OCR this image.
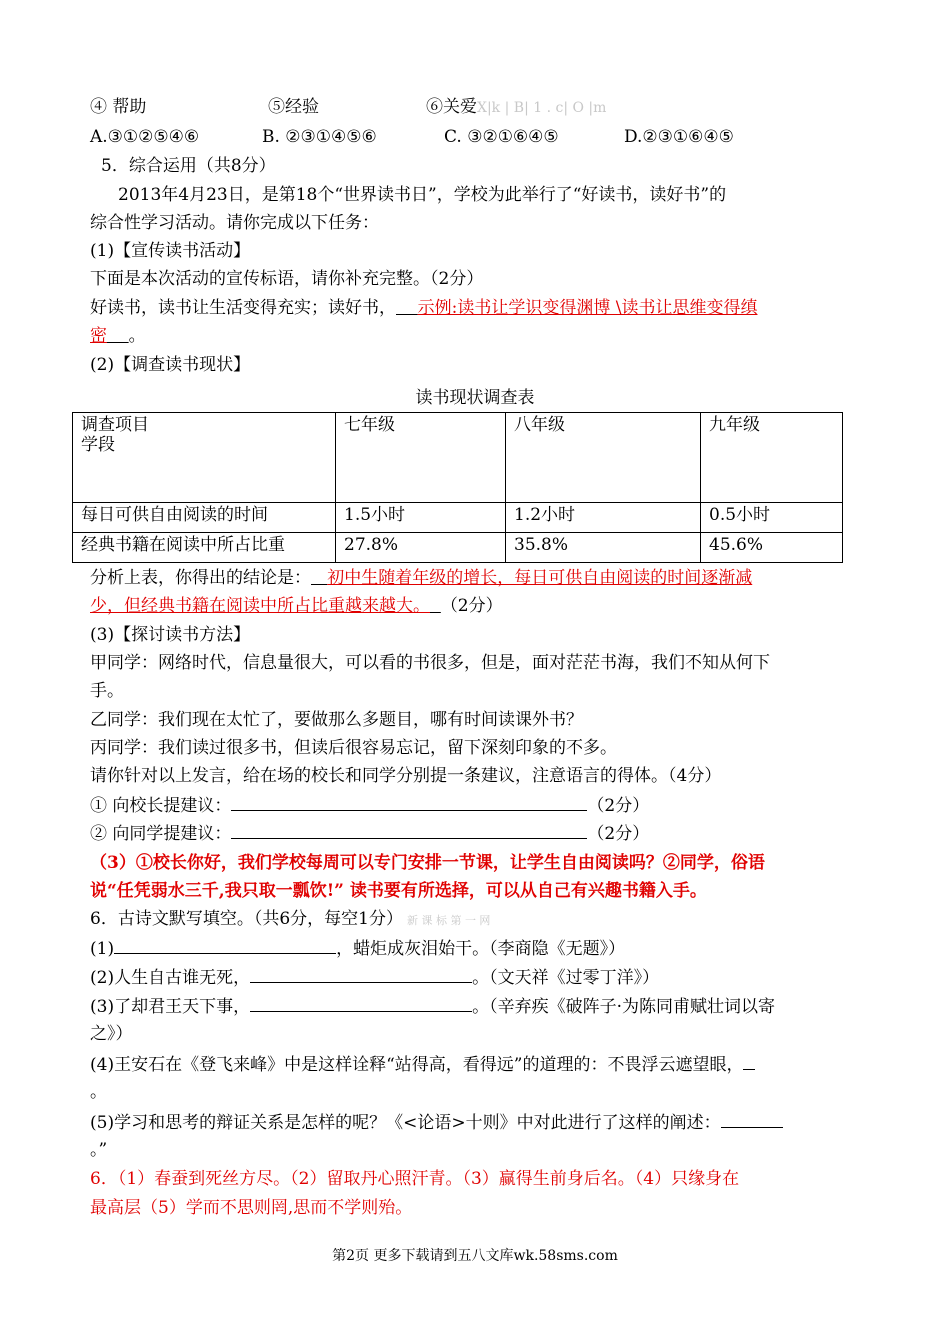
④ 帮助	⑤经验	⑥关爱X|k | B| 1 . c| O |m
A.③①②⑤④⑥	B. ②③①④⑤⑥	C. ③②①⑥④⑤	D.②③①⑥④⑤
5．综合运用（共8分）
2013年4月23日，是第18个“世界读书日”，学校为此举行了“好读书，读好书”的
综合性学习活动。请你完成以下任务：
(1)【宣传读书活动】
下面是本次活动的宣传标语，请你补充完整。（2分）
好读书，读书让生活变得充实；读好书， 示例:读书让学识变得渊博 \读书让思维变得缜
密 。
(2)【调查读书现状】
读书现状调查表
调查项目
学段	七年级	八年级	九年级
每日可供自由阅读的时间	1.5小时	1.2小时	0.5小时
经典书籍在阅读中所占比重	27.8%	35.8%	45.6%
分析上表，你得出的结论是： 初中生随着年级的增长，每日可供自由阅读的时间逐渐减
少，但经典书籍在阅读中所占比重越来越大。 （2分）
(3)【探讨读书方法】
甲同学：网络时代，信息量很大，可以看的书很多，但是，面对茫茫书海，我们不知从何下
手。
乙同学：我们现在太忙了，要做那么多题目，哪有时间读课外书？
丙同学：我们读过很多书，但读后很容易忘记，留下深刻印象的不多。
请你针对以上发言，给在场的校长和同学分别提一条建议，注意语言的得体。（4分）
① 向校长提建议：	（2分）
② 向同学提建议：	（2分）
（3）①校长你好，我们学校每周可以专门安排一节课，让学生自由阅读吗？②同学，俗语
说“任凭弱水三千,我只取一瓢饮!” 读书要有所选择，可以从自己有兴趣书籍入手。
6．古诗文默写填空。（共6分，每空1分） 新 课 标 第 一 网
(1)	，蜡炬成灰泪始干。（李商隐《无题》）
(2)人生自古谁无死，	。（文天祥《过零丁洋》）
(3)了却君王天下事，	。（辛弃疾《破阵子·为陈同甫赋壮词以寄
之》）
(4)王安石在《登飞来峰》中是这样诠释“站得高，看得远”的道理的：不畏浮云遮望眼，
。
(5)学习和思考的辩证关系是怎样的呢？《<论语>十则》中对此进行了这样的阐述：
。”
6．（1）春蚕到死丝方尽。（2）留取丹心照汗青。（3）赢得生前身后名。（4）只缘身在
最高层（5）学而不思则罔,思而不学则殆。
第2页 更多下载请到五八文库wk.58sms.com
